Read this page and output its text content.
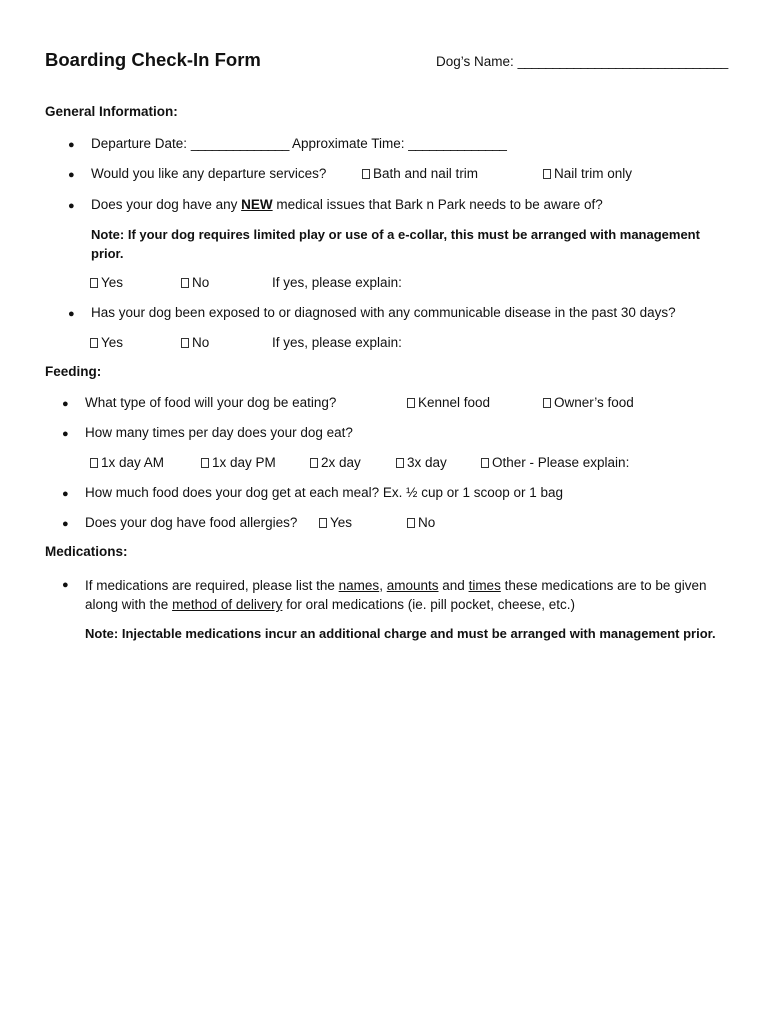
Boarding Check-In Form	Dog’s Name: ______________________________
General Information:
● Departure Date: ______________ Approximate Time: ______________
● Would you like any departure services?	Bath and nail trim	Nail trim only
● Does your dog have any NEW medical issues that Bark n Park needs to be aware of?
Note: If your dog requires limited play or use of a e-collar, this must be arranged with management prior.
Yes	No	If yes, please explain:
● Has your dog been exposed to or diagnosed with any communicable disease in the past 30 days?
Yes	No	If yes, please explain:
Feeding:
● What type of food will your dog be eating?	Kennel food	Owner’s food
● How many times per day does your dog eat?
1x day AM	1x day PM	2x day	3x day	Other - Please explain:
● How much food does your dog get at each meal? Ex. ½ cup or 1 scoop or 1 bag
● Does your dog have food allergies? Yes	No
Medications:
● If medications are required, please list the names, amounts and times these medications are to be given along with the method of delivery for oral medications (ie. pill pocket, cheese, etc.)
Note: Injectable medications incur an additional charge and must be arranged with management prior.
